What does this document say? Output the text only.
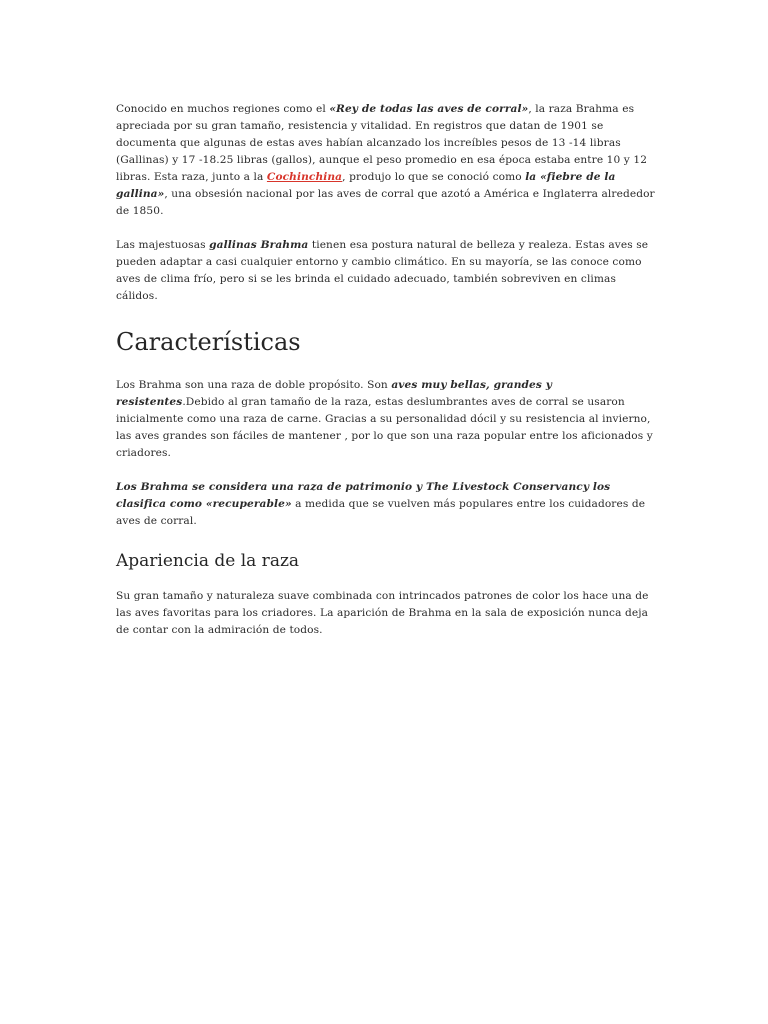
Conocido en muchos regiones como el «Rey de todas las aves de corral», la raza Brahma es apreciada por su gran tamaño, resistencia y vitalidad. En registros que datan de 1901 se documenta que algunas de estas aves habían alcanzado los increíbles pesos de 13 -14 libras (Gallinas) y 17 -18.25 libras (gallos), aunque el peso promedio en esa época estaba entre 10 y 12 libras. Esta raza, junto a la Cochinchina, produjo lo que se conoció como la «fiebre de la gallina», una obsesión nacional por las aves de corral que azotó a América e Inglaterra alrededor de 1850.

Las majestuosas gallinas Brahma tienen esa postura natural de belleza y realeza. Estas aves se pueden adaptar a casi cualquier entorno y cambio climático. En su mayoría, se las conoce como aves de clima frío, pero si se les brinda el cuidado adecuado, también sobreviven en climas cálidos.

Características

Los Brahma son una raza de doble propósito. Son aves muy bellas, grandes y resistentes.Debido al gran tamaño de la raza, estas deslumbrantes aves de corral se usaron inicialmente como una raza de carne. Gracias a su personalidad dócil y su resistencia al invierno, las aves grandes son fáciles de mantener , por lo que son una raza popular entre los aficionados y criadores.

Los Brahma se considera una raza de patrimonio y The Livestock Conservancy los clasifica como «recuperable» a medida que se vuelven más populares entre los cuidadores de aves de corral.

Apariencia de la raza

Su gran tamaño y naturaleza suave combinada con intrincados patrones de color los hace una de las aves favoritas para los criadores. La aparición de Brahma en la sala de exposición nunca deja de contar con la admiración de todos.
